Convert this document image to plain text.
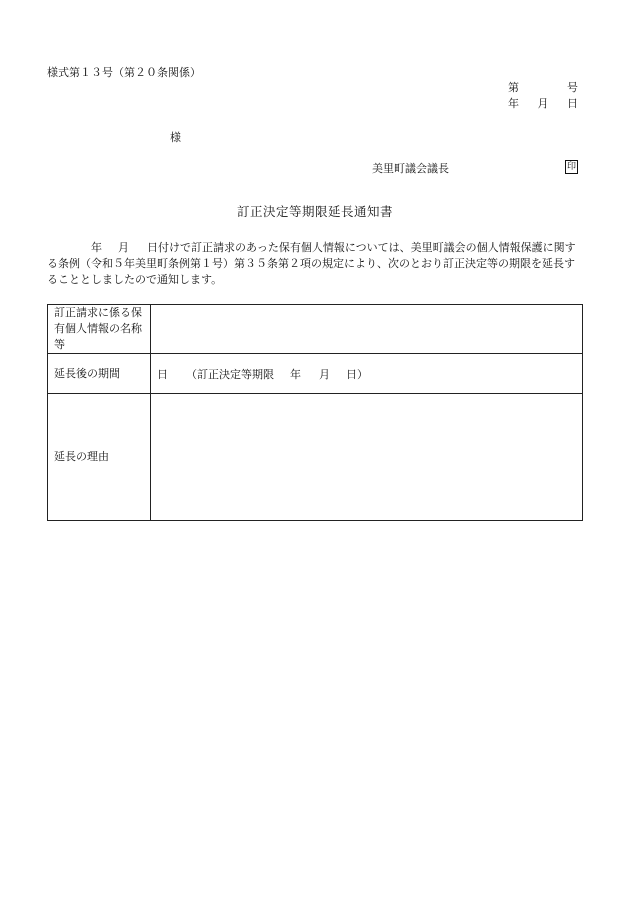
様式第１３号（第２０条関係）
第	号
年 月 日
様
美里町議会議長	印
訂正決定等期限延長通知書
年 月 日付けで訂正請求のあった保有個人情報については、美里町議会の個人情報保護に関する条例（令和５年美里町条例第１号）第３５条第２項の規定により、次のとおり訂正決定等の期限を延長することとしましたので通知します。
訂正請求に係る保有個人情報の名称等	
延長後の期間	日 （訂正決定等期限 年 月 日）
延長の理由	
